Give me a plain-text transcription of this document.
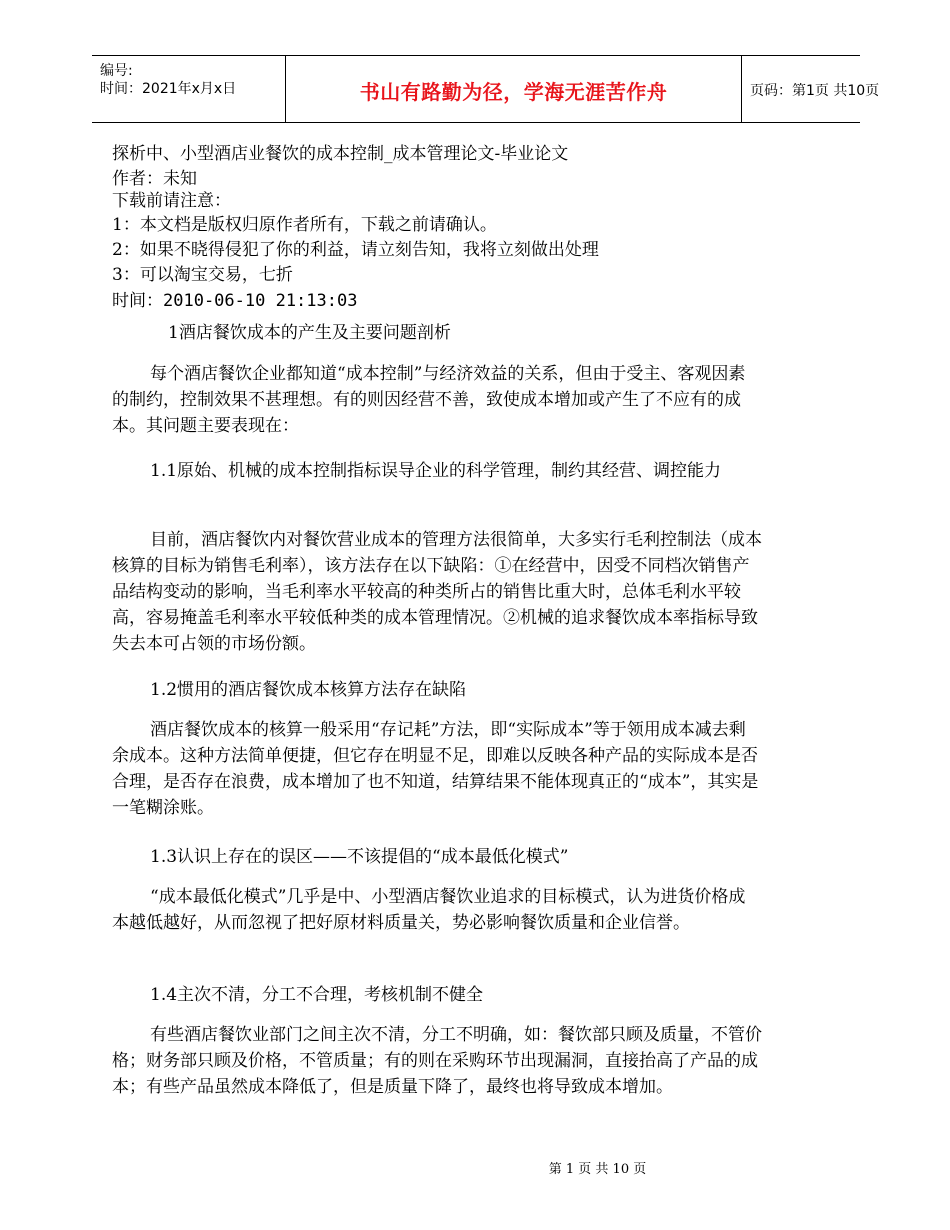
编号:
时间：2021年x月x日	书山有路勤为径，学海无涯苦作舟	页码：第1页 共10页
探析中、小型酒店业餐饮的成本控制_成本管理论文-毕业论文
作者：未知
下载前请注意：
1：本文档是版权归原作者所有，下载之前请确认。
2：如果不晓得侵犯了你的利益，请立刻告知，我将立刻做出处理
3：可以淘宝交易，七折
时间：2010-06-10 21:13:03
1酒店餐饮成本的产生及主要问题剖析
每个酒店餐饮企业都知道“成本控制”与经济效益的关系，但由于受主、客观因素的制约，控制效果不甚理想。有的则因经营不善，致使成本增加或产生了不应有的成本。其问题主要表现在：
1.1原始、机械的成本控制指标误导企业的科学管理，制约其经营、调控能力
目前，酒店餐饮内对餐饮营业成本的管理方法很简单，大多实行毛利控制法（成本核算的目标为销售毛利率），该方法存在以下缺陷：①在经营中，因受不同档次销售产品结构变动的影响，当毛利率水平较高的种类所占的销售比重大时，总体毛利水平较高，容易掩盖毛利率水平较低种类的成本管理情况。②机械的追求餐饮成本率指标导致失去本可占领的市场份额。
1.2惯用的酒店餐饮成本核算方法存在缺陷
酒店餐饮成本的核算一般采用“存记耗”方法，即“实际成本”等于领用成本减去剩余成本。这种方法简单便捷，但它存在明显不足，即难以反映各种产品的实际成本是否合理，是否存在浪费，成本增加了也不知道，结算结果不能体现真正的“成本”，其实是一笔糊涂账。
1.3认识上存在的误区——不该提倡的“成本最低化模式”
“成本最低化模式”几乎是中、小型酒店餐饮业追求的目标模式，认为进货价格成本越低越好，从而忽视了把好原材料质量关，势必影响餐饮质量和企业信誉。
1.4主次不清，分工不合理，考核机制不健全
有些酒店餐饮业部门之间主次不清，分工不明确，如：餐饮部只顾及质量，不管价格；财务部只顾及价格，不管质量；有的则在采购环节出现漏洞，直接抬高了产品的成本；有些产品虽然成本降低了，但是质量下降了，最终也将导致成本增加。
第 1 页 共 10 页
